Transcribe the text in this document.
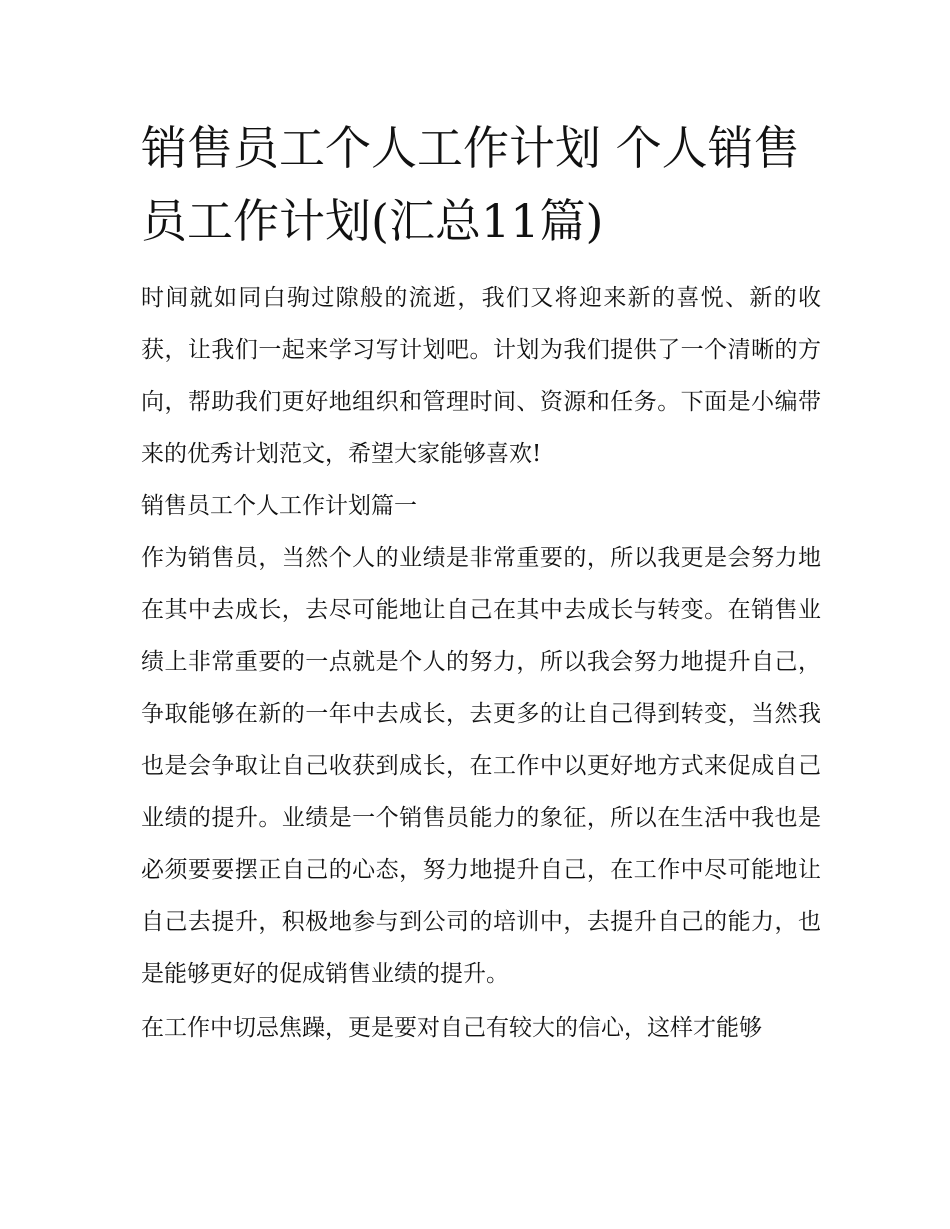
销售员工个人工作计划 个人销售员工作计划(汇总11篇)

时间就如同白驹过隙般的流逝，我们又将迎来新的喜悦、新的收获，让我们一起来学习写计划吧。计划为我们提供了一个清晰的方向，帮助我们更好地组织和管理时间、资源和任务。下面是小编带来的优秀计划范文，希望大家能够喜欢!

销售员工个人工作计划篇一

作为销售员，当然个人的业绩是非常重要的，所以我更是会努力地在其中去成长，去尽可能地让自己在其中去成长与转变。在销售业绩上非常重要的一点就是个人的努力，所以我会努力地提升自己，争取能够在新的一年中去成长，去更多的让自己得到转变，当然我也是会争取让自己收获到成长，在工作中以更好地方式来促成自己业绩的提升。业绩是一个销售员能力的象征，所以在生活中我也是必须要要摆正自己的心态，努力地提升自己，在工作中尽可能地让自己去提升，积极地参与到公司的培训中，去提升自己的能力，也是能够更好的促成销售业绩的提升。

在工作中切忌焦躁，更是要对自己有较大的信心，这样才能够
